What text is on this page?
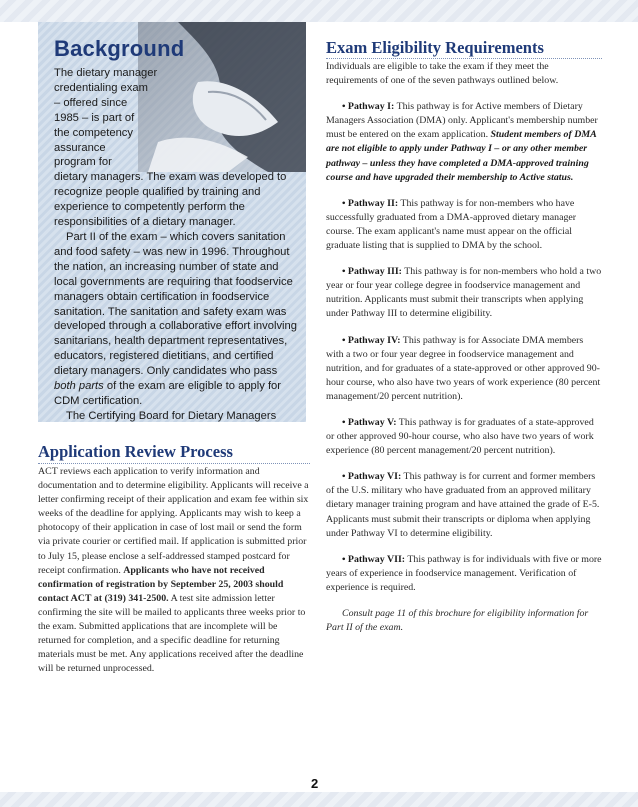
Background

The dietary manager
credentialing exam
– offered since
1985 – is part of
the competency
assurance
program for
dietary managers. The exam was developed to recognize people qualified by training and experience to competently perform the responsibilities of a dietary manager.

Part II of the exam – which covers sanitation and food safety – was new in 1996. Throughout the nation, an increasing number of state and local governments are requiring that foodservice managers obtain certification in foodservice sanitation. The sanitation and safety exam was developed through a collaborative effort involving sanitarians, health department representatives, educators, registered dietitians, and certified dietary managers. Only candidates who pass both parts of the exam are eligible to apply for CDM certification.

The Certifying Board for Dietary Managers

Application Review Process

ACT reviews each application to verify information and documentation and to determine eligibility. Applicants will receive a letter confirming receipt of their application and exam fee within six weeks of the deadline for applying. Applicants may wish to keep a photocopy of their application in case of lost mail or send the form via private courier or certified mail. If application is submitted prior to July 15, please enclose a self-addressed stamped postcard for receipt confirmation. Applicants who have not received confirmation of registration by September 25, 2003 should contact ACT at (319) 341-2500. A test site admission letter confirming the site will be mailed to applicants three weeks prior to the exam. Submitted applications that are incomplete will be returned for completion, and a specific deadline for returning materials must be met. Any applications received after the deadline will be returned unprocessed.

Exam Eligibility Requirements

Individuals are eligible to take the exam if they meet the requirements of one of the seven pathways outlined below.

• Pathway I: This pathway is for Active members of Dietary Managers Association (DMA) only. Applicant's membership number must be entered on the exam application. Student members of DMA are not eligible to apply under Pathway I – or any other member pathway – unless they have completed a DMA-approved training course and have upgraded their membership to Active status.

• Pathway II: This pathway is for non-members who have successfully graduated from a DMA-approved dietary manager course. The exam applicant's name must appear on the official graduate listing that is supplied to DMA by the school.

• Pathway III: This pathway is for non-members who hold a two year or four year college degree in foodservice management and nutrition. Applicants must submit their transcripts when applying under Pathway III to determine eligibility.

• Pathway IV: This pathway is for Associate DMA members with a two or four year degree in foodservice management and nutrition, and for graduates of a state-approved or other approved 90-hour course, who also have two years of work experience (80 percent management/20 percent nutrition).

• Pathway V: This pathway is for graduates of a state-approved or other approved 90-hour course, who also have two years of work experience (80 percent management/20 percent nutrition).

• Pathway VI: This pathway is for current and former members of the U.S. military who have graduated from an approved military dietary manager training program and have attained the grade of E-5. Applicants must submit their transcripts or diploma when applying under Pathway VI to determine eligibility.

• Pathway VII: This pathway is for individuals with five or more years of experience in foodservice management. Verification of experience is required.

Consult page 11 of this brochure for eligibility information for Part II of the exam.

2
